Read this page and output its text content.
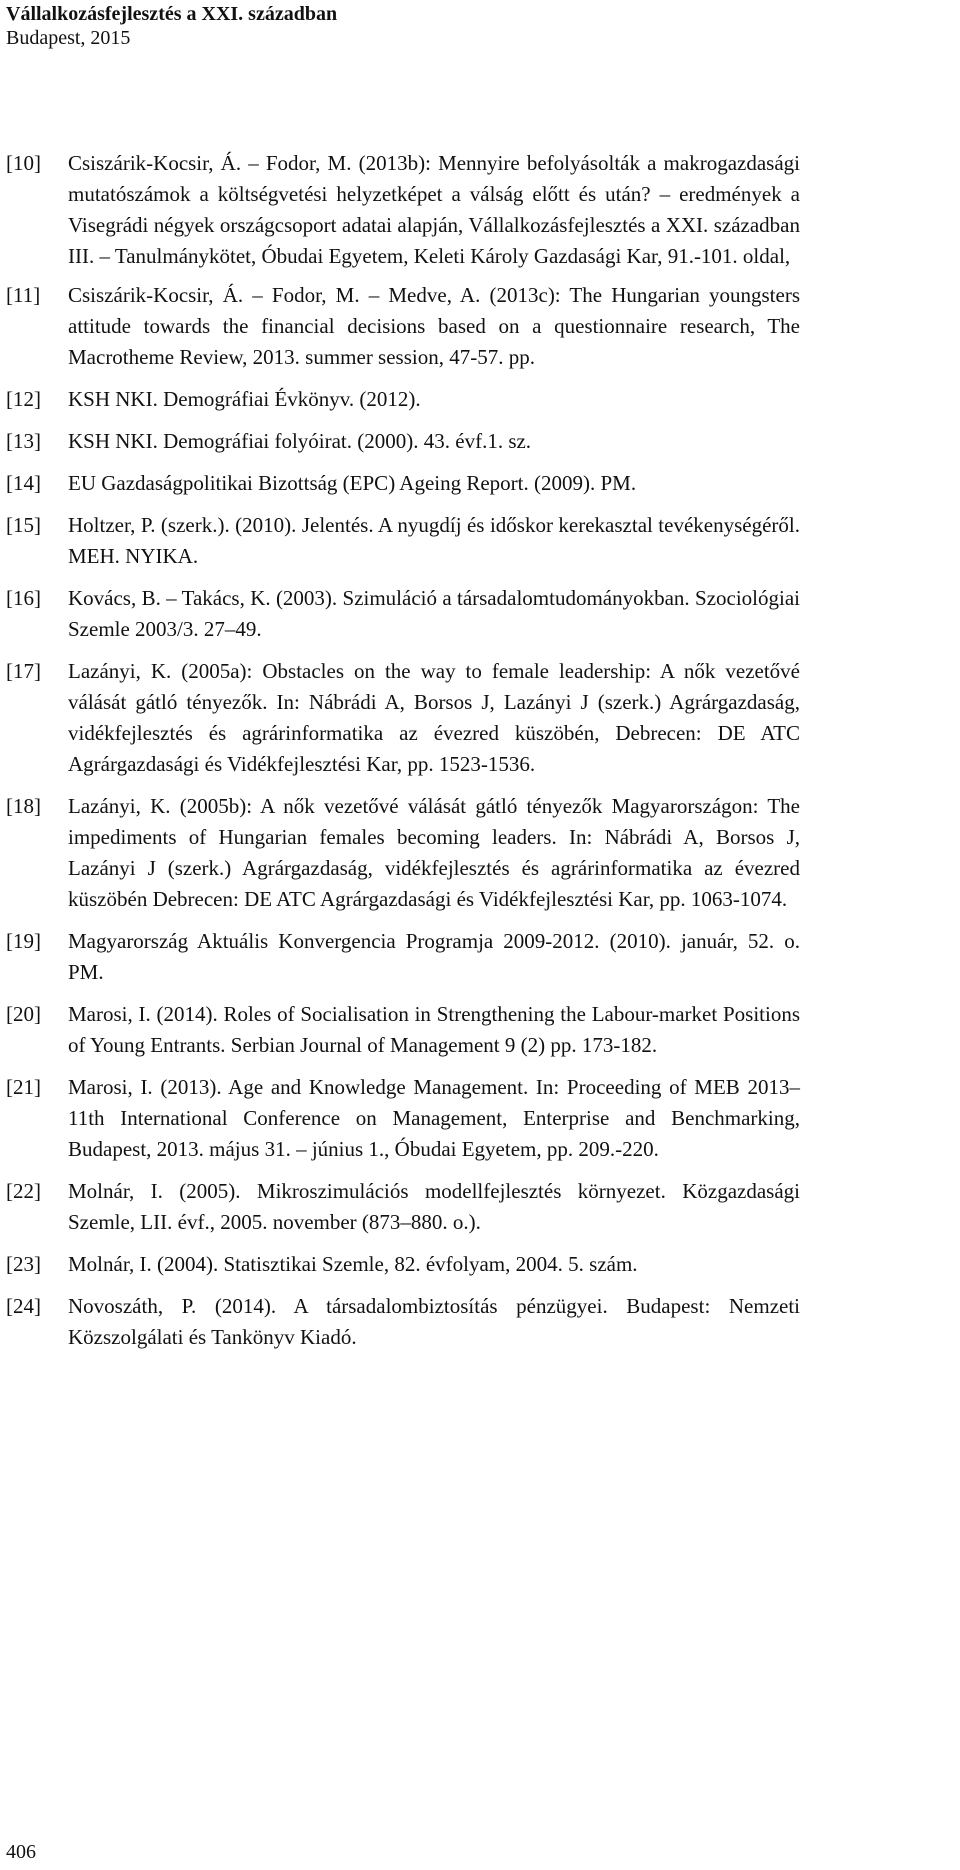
Vállalkozásfejlesztés a XXI. században
Budapest, 2015
[10]	Csiszárik-Kocsir, Á. – Fodor, M. (2013b): Mennyire befolyásolták a makrogazdasági mutatószámok a költségvetési helyzetképet a válság előtt és után? – eredmények a Visegrádi négyek országcsoport adatai alapján, Vállalkozásfejlesztés a XXI. században III. – Tanulmánykötet, Óbudai Egyetem, Keleti Károly Gazdasági Kar, 91.-101. oldal,
[11]	Csiszárik-Kocsir, Á. – Fodor, M. – Medve, A. (2013c): The Hungarian youngsters attitude towards the financial decisions based on a questionnaire research, The Macrotheme Review, 2013. summer session, 47-57. pp.
[12]	KSH NKI. Demográfiai Évkönyv. (2012).
[13]	KSH NKI. Demográfiai folyóirat. (2000). 43. évf.1. sz.
[14]	EU Gazdaságpolitikai Bizottság (EPC) Ageing Report. (2009). PM.
[15]	Holtzer, P. (szerk.). (2010). Jelentés. A nyugdíj és időskor kerekasztal tevékenységéről. MEH. NYIKA.
[16]	Kovács, B. – Takács, K. (2003). Szimuláció a társadalomtudományokban. Szociológiai Szemle 2003/3. 27–49.
[17]	Lazányi, K. (2005a): Obstacles on the way to female leadership: A nők vezetővé válását gátló tényezők. In: Nábrádi A, Borsos J, Lazányi J (szerk.) Agrárgazdaság, vidékfejlesztés és agrárinformatika az évezred küszöbén, Debrecen: DE ATC Agrárgazdasági és Vidékfejlesztési Kar, pp. 1523-1536.
[18]	Lazányi, K. (2005b): A nők vezetővé válását gátló tényezők Magyarországon: The impediments of Hungarian females becoming leaders. In: Nábrádi A, Borsos J, Lazányi J (szerk.) Agrárgazdaság, vidékfejlesztés és agrárinformatika az évezred küszöbén Debrecen: DE ATC Agrárgazdasági és Vidékfejlesztési Kar, pp. 1063-1074.
[19]	Magyarország Aktuális Konvergencia Programja 2009-2012. (2010). január, 52. o. PM.
[20]	Marosi, I. (2014). Roles of Socialisation in Strengthening the Labour-market Positions of Young Entrants. Serbian Journal of Management 9 (2) pp. 173-182.
[21]	Marosi, I. (2013). Age and Knowledge Management. In: Proceeding of MEB 2013– 11th International Conference on Management, Enterprise and Benchmarking, Budapest, 2013. május 31. – június 1., Óbudai Egyetem, pp. 209.-220.
[22]	Molnár, I. (2005). Mikroszimulációs modellfejlesztés környezet. Közgazdasági Szemle, LII. évf., 2005. november (873–880. o.).
[23]	Molnár, I. (2004). Statisztikai Szemle, 82. évfolyam, 2004. 5. szám.
[24]	Novoszáth, P. (2014). A társadalombiztosítás pénzügyei. Budapest: Nemzeti Közszolgálati és Tankönyv Kiadó.
406
